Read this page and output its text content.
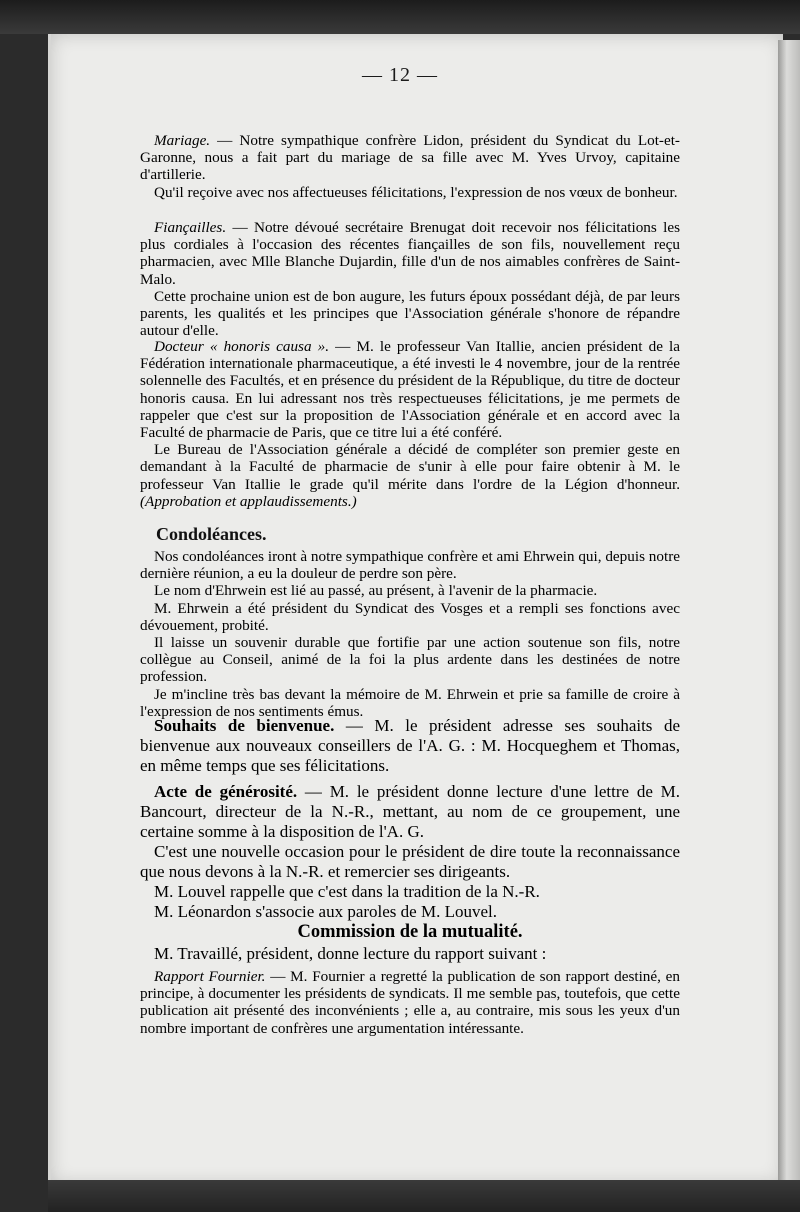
— 12 —

Mariage. — Notre sympathique confrère Lidon, président du Syndicat du Lot-et-Garonne, nous a fait part du mariage de sa fille avec M. Yves Urvoy, capitaine d'artillerie.

Qu'il reçoive avec nos affectueuses félicitations, l'expression de nos vœux de bonheur.

Fiançailles. — Notre dévoué secrétaire Brenugat doit recevoir nos félicitations les plus cordiales à l'occasion des récentes fiançailles de son fils, nouvellement reçu pharmacien, avec Mlle Blanche Dujardin, fille d'un de nos aimables confrères de Saint-Malo.

Cette prochaine union est de bon augure, les futurs époux possédant déjà, de par leurs parents, les qualités et les principes que l'Association générale s'honore de répandre autour d'elle.

Docteur « honoris causa ». — M. le professeur Van Itallie, ancien président de la Fédération internationale pharmaceutique, a été investi le 4 novembre, jour de la rentrée solennelle des Facultés, et en présence du président de la République, du titre de docteur honoris causa. En lui adressant nos très respectueuses félicitations, je me permets de rappeler que c'est sur la proposition de l'Association générale et en accord avec la Faculté de pharmacie de Paris, que ce titre lui a été conféré.

Le Bureau de l'Association générale a décidé de compléter son premier geste en demandant à la Faculté de pharmacie de s'unir à elle pour faire obtenir à M. le professeur Van Itallie le grade qu'il mérite dans l'ordre de la Légion d'honneur. (Approbation et applaudissements.)

Condoléances.

Nos condoléances iront à notre sympathique confrère et ami Ehrwein qui, depuis notre dernière réunion, a eu la douleur de perdre son père.

Le nom d'Ehrwein est lié au passé, au présent, à l'avenir de la pharmacie.

M. Ehrwein a été président du Syndicat des Vosges et a rempli ses fonctions avec dévouement, probité.

Il laisse un souvenir durable que fortifie par une action soutenue son fils, notre collègue au Conseil, animé de la foi la plus ardente dans les destinées de notre profession.

Je m'incline très bas devant la mémoire de M. Ehrwein et prie sa famille de croire à l'expression de nos sentiments émus.

Souhaits de bienvenue. — M. le président adresse ses souhaits de bienvenue aux nouveaux conseillers de l'A. G. : M. Hocqueghem et Thomas, en même temps que ses félicitations.

Acte de générosité. — M. le président donne lecture d'une lettre de M. Bancourt, directeur de la N.-R., mettant, au nom de ce groupement, une certaine somme à la disposition de l'A. G.

C'est une nouvelle occasion pour le président de dire toute la reconnaissance que nous devons à la N.-R. et remercier ses dirigeants.

M. Louvel rappelle que c'est dans la tradition de la N.-R.

M. Léonardon s'associe aux paroles de M. Louvel.

Commission de la mutualité.

M. Travaillé, président, donne lecture du rapport suivant :

Rapport Fournier. — M. Fournier a regretté la publication de son rapport destiné, en principe, à documenter les présidents de syndicats. Il me semble pas, toutefois, que cette publication ait présenté des inconvénients ; elle a, au contraire, mis sous les yeux d'un nombre important de confrères une argumentation intéressante.
